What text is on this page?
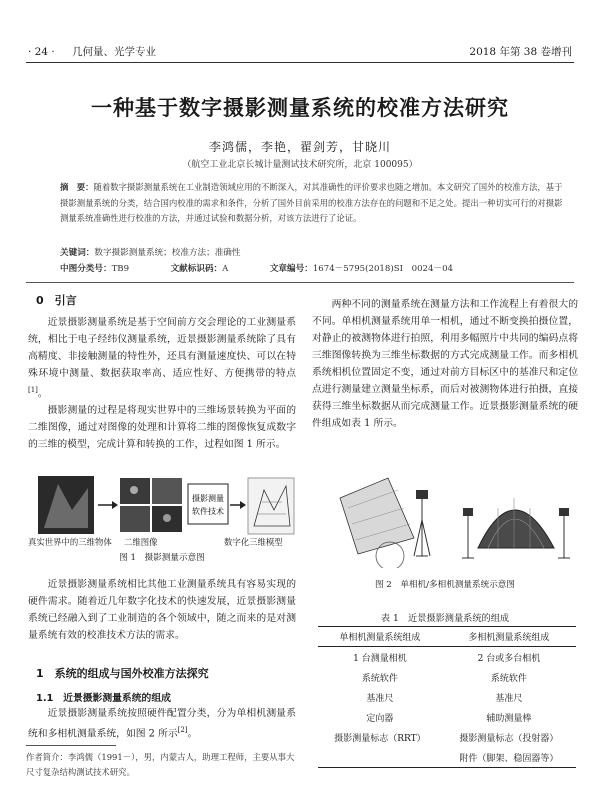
· 24 · 几何量、光学专业	2018 年第 38 卷增刊
一种基于数字摄影测量系统的校准方法研究
李鸿儒，李艳，翟剑芳，甘晓川
（航空工业北京长城计量测试技术研究所，北京 100095）
摘　要：随着数字摄影测量系统在工业制造领域应用的不断深入，对其准确性的评价要求也随之增加。本文研究了国外的校准方法，基于摄影测量系统的分类，结合国内校准的需求和条件，分析了国外目前采用的校准方法存在的问题和不足之处。提出一种切实可行的对摄影测量系统准确性进行校准的方法，并通过试验和数据分析，对该方法进行了论证。
关键词：数字摄影测量系统；校准方法；准确性
中图分类号：TB9	文献标识码：A	文章编号：1674－5795(2018)SI　0024－04
0　引言

近景摄影测量系统是基于空间前方交会理论的工业测量系统，相比于电子经纬仪测量系统，近景摄影测量系统除了具有高精度、非接触测量的特性外，还具有测量速度快、可以在特殊环境中测量、数据获取率高、适应性好、方便携带的特点[1]。

摄影测量的过程是将现实世界中的三维场景转换为平面的二维图像，通过对图像的处理和计算将二维的图像恢复成数字的三维的模型，完成计算和转换的工作，过程如图 1 所示。

摄影测量
软件技术
真实世界中的三维物体 二维图像	数字化三维模型
图 1　摄影测量示意图

近景摄影测量系统相比其他工业测量系统具有容易实现的硬件需求。随着近几年数字化技术的快速发展，近景摄影测量系统已经融入到了工业制造的各个领域中，随之而来的是对测量系统有效的校准技术方法的需求。

1　系统的组成与国外校准方法探究
1.1　近景摄影测量系统的组成

近景摄影测量系统按照硬件配置分类，分为单相机测量系统和多相机测量系统，如图 2 所示[2]。

作者简介：李鸿儒（1991－），男，内蒙古人，助理工程师，主要从事大尺寸复杂结构测试技术研究。

两种不同的测量系统在测量方法和工作流程上有着很大的不同。单相机测量系统用单一相机，通过不断变换拍摄位置，对静止的被测物体进行拍照，利用多幅照片中共同的编码点将三维图像转换为三维坐标数据的方式完成测量工作。而多相机系统相机位置固定不变，通过对前方目标区中的基准尺和定位点进行测量建立测量坐标系，而后对被测物体进行拍摄，直接获得三维坐标数据从而完成测量工作。近景摄影测量系统的硬件组成如表 1 所示。

图 2　单相机/多相机测量系统示意图
表 1　近景摄影测量系统的组成
单相机测量系统组成	多相机测量系统组成
1 台测量相机	2 台或多台相机
系统软件	系统软件
基准尺	基准尺
定向器	辅助测量棒
摄影测量标志（RRT）	摄影测量标志（投射器）
	附件（脚架、稳固器等）
